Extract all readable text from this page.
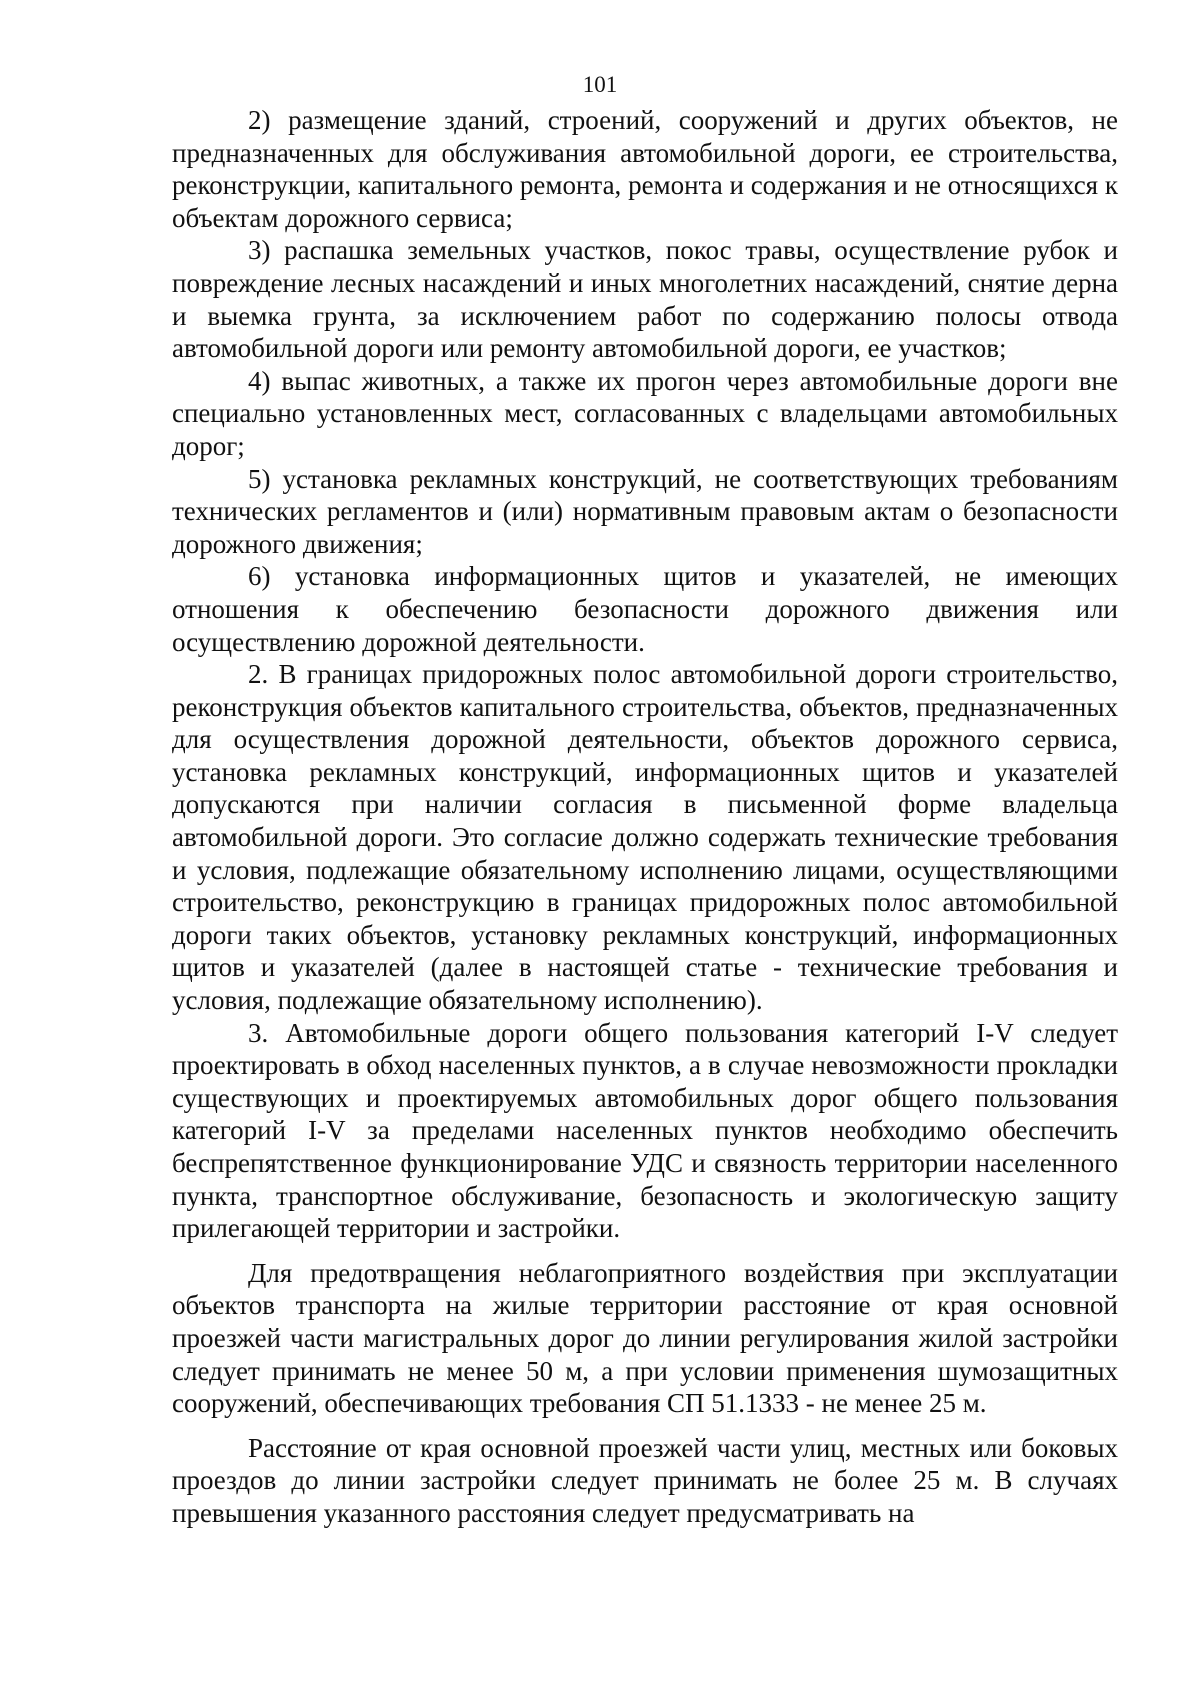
101

2) размещение зданий, строений, сооружений и других объектов, не предназначенных для обслуживания автомобильной дороги, ее строительства, реконструкции, капитального ремонта, ремонта и содержания и не относящихся к объектам дорожного сервиса;

3) распашка земельных участков, покос травы, осуществление рубок и повреждение лесных насаждений и иных многолетних насаждений, снятие дерна и выемка грунта, за исключением работ по содержанию полосы отвода автомобильной дороги или ремонту автомобильной дороги, ее участков;

4) выпас животных, а также их прогон через автомобильные дороги вне специально установленных мест, согласованных с владельцами автомобильных дорог;

5) установка рекламных конструкций, не соответствующих требованиям технических регламентов и (или) нормативным правовым актам о безопасности дорожного движения;

6) установка информационных щитов и указателей, не имеющих отношения к обеспечению безопасности дорожного движения или осуществлению дорожной деятельности.

2. В границах придорожных полос автомобильной дороги строительство, реконструкция объектов капитального строительства, объектов, предназначенных для осуществления дорожной деятельности, объектов дорожного сервиса, установка рекламных конструкций, информационных щитов и указателей допускаются при наличии согласия в письменной форме владельца автомобильной дороги. Это согласие должно содержать технические требования и условия, подлежащие обязательному исполнению лицами, осуществляющими строительство, реконструкцию в границах придорожных полос автомобильной дороги таких объектов, установку рекламных конструкций, информационных щитов и указателей (далее в настоящей статье - технические требования и условия, подлежащие обязательному исполнению).

3. Автомобильные дороги общего пользования категорий I-V следует проектировать в обход населенных пунктов, а в случае невозможности прокладки существующих и проектируемых автомобильных дорог общего пользования категорий I-V за пределами населенных пунктов необходимо обеспечить беспрепятственное функционирование УДС и связность территории населенного пункта, транспортное обслуживание, безопасность и экологическую защиту прилегающей территории и застройки.

Для предотвращения неблагоприятного воздействия при эксплуатации объектов транспорта на жилые территории расстояние от края основной проезжей части магистральных дорог до линии регулирования жилой застройки следует принимать не менее 50 м, а при условии применения шумозащитных сооружений, обеспечивающих требования СП 51.1333 - не менее 25 м.

Расстояние от края основной проезжей части улиц, местных или боковых проездов до линии застройки следует принимать не более 25 м. В случаях превышения указанного расстояния следует предусматривать на
